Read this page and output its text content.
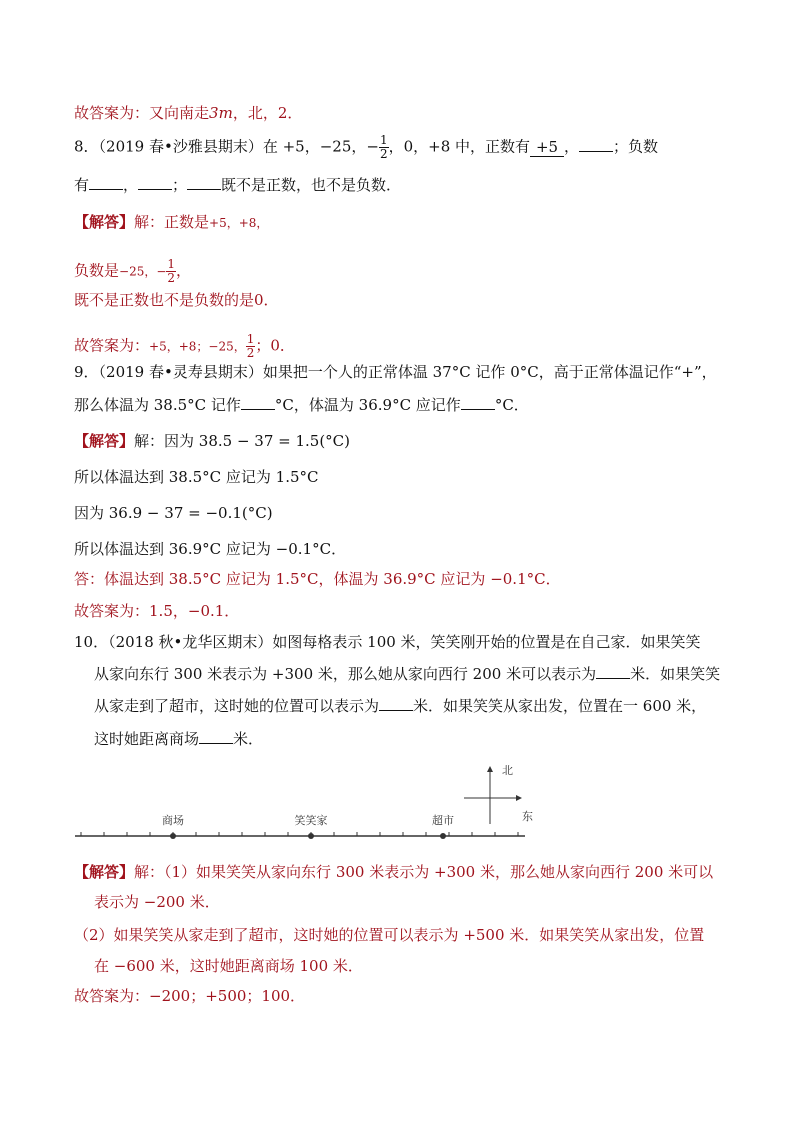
故答案为：又向南走3m，北，2．
8．（2019 春•沙雅县期末）在 +5，−25，− $\frac{1}{2}$ ，0，+8 中，正数有 +5 ， ；负数
有 ， ； 既不是正数，也不是负数．
【解答】解：正数是+5，+8，
负数是−25，− $\frac{1}{2}$ ，
既不是正数也不是负数的是0．
故答案为：+5，+8；−25， $\frac{1}{2}$ ；0．
9．（2019 春•灵寿县期末）如果把一个人的正常体温 37°C 记作 0°C，高于正常体温记作“+”，
那么体温为 38.5°C 记作 °C，体温为 36.9°C 应记作 °C．
【解答】解：因为 38.5 − 37 = 1.5(°C)
所以体温达到 38.5°C 应记为 1.5°C
因为 36.9 − 37 = −0.1(°C)
所以体温达到 36.9°C 应记为 −0.1°C．
答：体温达到 38.5°C 应记为 1.5°C，体温为 36.9°C 应记为 −0.1°C．
故答案为：1.5，−0.1．
10．（2018 秋•龙华区期末）如图每格表示 100 米，笑笑刚开始的位置是在自己家．如果笑笑
从家向东行 300 米表示为 +300 米，那么她从家向西行 200 米可以表示为 米．如果笑笑
从家走到了超市，这时她的位置可以表示为 米．如果笑笑从家出发，位置在一 600 米，
这时她距离商场 米．
商场	笑笑家	超市
北
东
【解答】解：（1）如果笑笑从家向东行 300 米表示为 +300 米，那么她从家向西行 200 米可以
表示为 −200 米．
（2）如果笑笑从家走到了超市，这时她的位置可以表示为 +500 米．如果笑笑从家出发，位置
在 −600 米，这时她距离商场 100 米．
故答案为：−200；+500；100．
